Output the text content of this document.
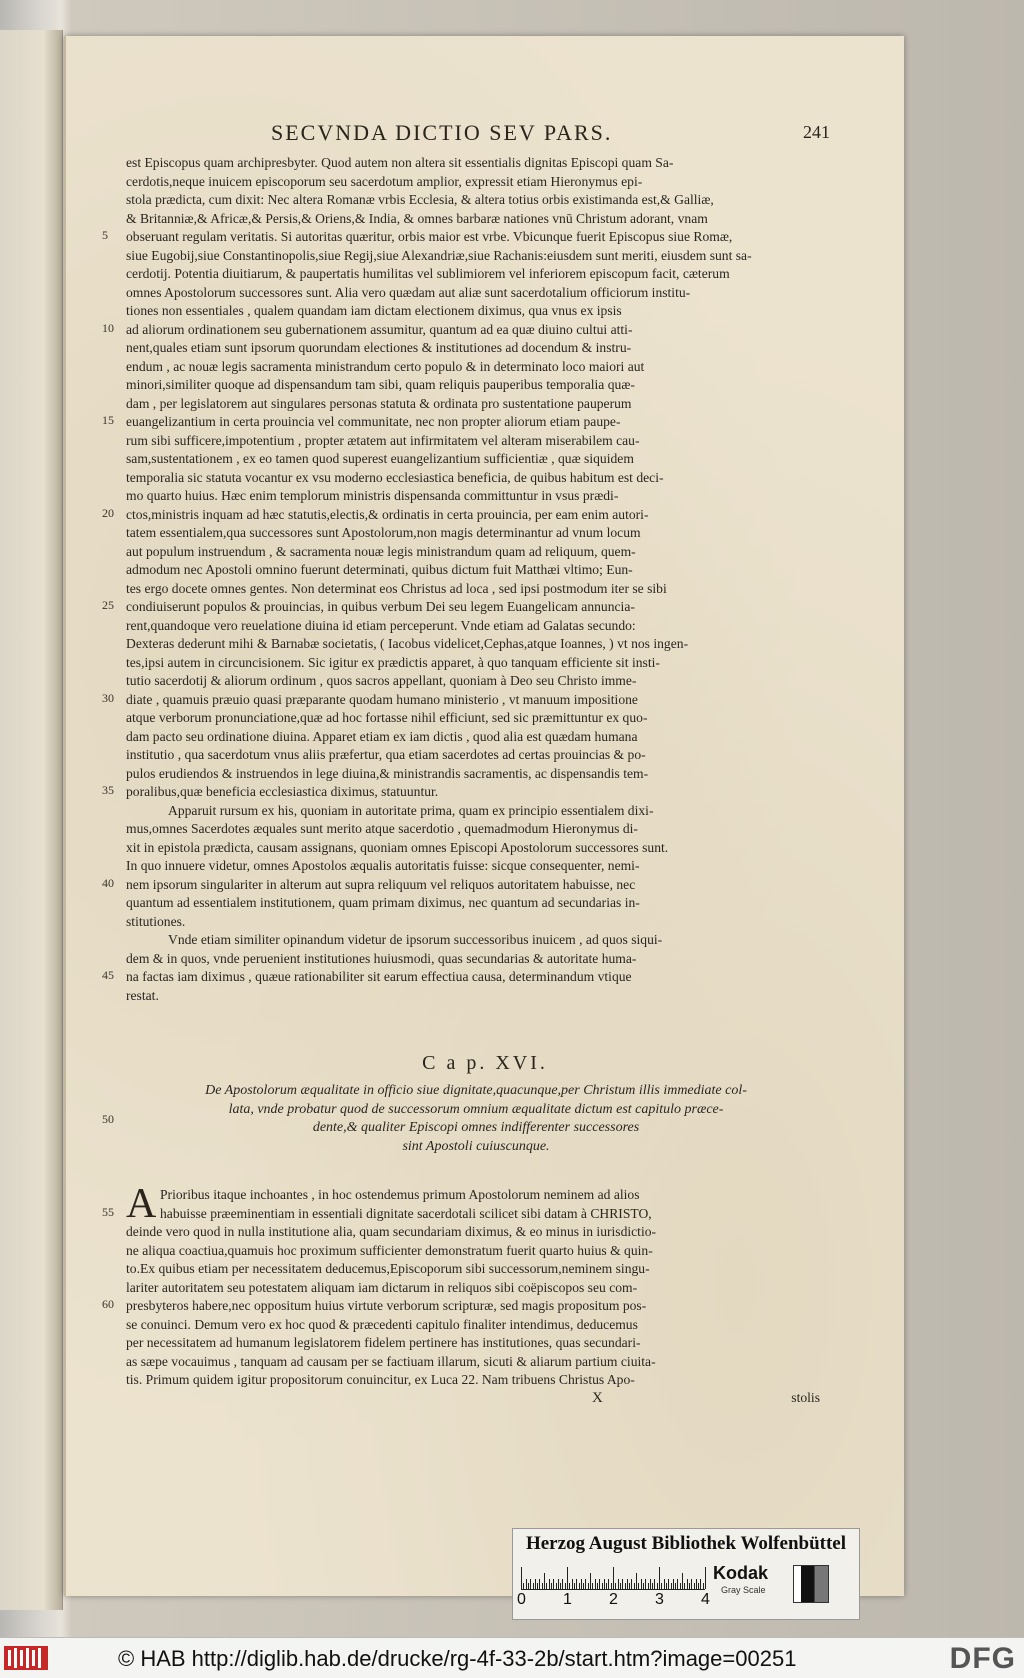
SECVNDA DICTIO SEV PARS.	241
est Episcopus quam archipresbyter. Quod autem non altera sit essentialis dignitas Episcopi quam Sa-
cerdotis,neque inuicem episcoporum seu sacerdotum amplior, expressit etiam Hieronymus epi-
stola prædicta, cum dixit: Nec altera Romanæ vrbis Ecclesia, & altera totius orbis existimanda est,& Galliæ,
& Britanniæ,& Africæ,& Persis,& Oriens,& India, & omnes barbaræ nationes vnū Christum adorant, vnam
obseruant regulam veritatis. Si autoritas quæritur, orbis maior est vrbe. Vbicunque fuerit Episcopus siue Romæ,
siue Eugobij,siue Constantinopolis,siue Regij,siue Alexandriæ,siue Rachanis:eiusdem sunt meriti, eiusdem sunt sa-
cerdotij. Potentia diuitiarum, & paupertatis humilitas vel sublimiorem vel inferiorem episcopum facit, cæterum
omnes Apostolorum successores sunt. Alia vero quædam aut aliæ sunt sacerdotalium officiorum institu-
tiones non essentiales , qualem quandam iam dictam electionem diximus, qua vnus ex ipsis
ad aliorum ordinationem seu gubernationem assumitur, quantum ad ea quæ diuino cultui atti-
nent,quales etiam sunt ipsorum quorundam electiones & institutiones ad docendum & instru-
endum , ac nouæ legis sacramenta ministrandum certo populo & in determinato loco maiori aut
minori,similiter quoque ad dispensandum tam sibi, quam reliquis pauperibus temporalia quæ-
dam , per legislatorem aut singulares personas statuta & ordinata pro sustentatione pauperum
euangelizantium in certa prouincia vel communitate, nec non propter aliorum etiam paupe-
rum sibi sufficere,impotentium , propter ætatem aut infirmitatem vel alteram miserabilem cau-
sam,sustentationem , ex eo tamen quod superest euangelizantium sufficientiæ , quæ siquidem
temporalia sic statuta vocantur ex vsu moderno ecclesiastica beneficia, de quibus habitum est deci-
mo quarto huius. Hæc enim templorum ministris dispensanda committuntur in vsus prædi-
ctos,ministris inquam ad hæc statutis,electis,& ordinatis in certa prouincia, per eam enim autori-
tatem essentialem,qua successores sunt Apostolorum,non magis determinantur ad vnum locum
aut populum instruendum , & sacramenta nouæ legis ministrandum quam ad reliquum, quem-
admodum nec Apostoli omnino fuerunt determinati, quibus dictum fuit Matthæi vltimo; Eun-
tes ergo docete omnes gentes. Non determinat eos Christus ad loca , sed ipsi postmodum iter se sibi
condiuiserunt populos & prouincias, in quibus verbum Dei seu legem Euangelicam annuncia-
rent,quandoque vero reuelatione diuina id etiam perceperunt. Vnde etiam ad Galatas secundo:
Dexteras dederunt mihi & Barnabæ societatis, ( Iacobus videlicet,Cephas,atque Ioannes, ) vt nos ingen-
tes,ipsi autem in circuncisionem. Sic igitur ex prædictis apparet, à quo tanquam efficiente sit insti-
tutio sacerdotij & aliorum ordinum , quos sacros appellant, quoniam à Deo seu Christo imme-
diate , quamuis præuio quasi præparante quodam humano ministerio , vt manuum impositione
atque verborum pronunciatione,quæ ad hoc fortasse nihil efficiunt, sed sic præmittuntur ex quo-
dam pacto seu ordinatione diuina. Apparet etiam ex iam dictis , quod alia est quædam humana
institutio , qua sacerdotum vnus aliis præfertur, qua etiam sacerdotes ad certas prouincias & po-
pulos erudiendos & instruendos in lege diuina,& ministrandis sacramentis, ac dispensandis tem-
poralibus,quæ beneficia ecclesiastica diximus, statuuntur.
Apparuit rursum ex his, quoniam in autoritate prima, quam ex principio essentialem dixi-
mus,omnes Sacerdotes æquales sunt merito atque sacerdotio , quemadmodum Hieronymus di-
xit in epistola prædicta, causam assignans, quoniam omnes Episcopi Apostolorum successores sunt.
In quo innuere videtur, omnes Apostolos æqualis autoritatis fuisse: sicque consequenter, nemi-
nem ipsorum singulariter in alterum aut supra reliquum vel reliquos autoritatem habuisse, nec
quantum ad essentialem institutionem, quam primam diximus, nec quantum ad secundarias in-
stitutiones.
Vnde etiam similiter opinandum videtur de ipsorum successoribus inuicem , ad quos siqui-
dem & in quos, vnde peruenient institutiones huiusmodi, quas secundarias & autoritate huma-
na factas iam diximus , quæue rationabiliter sit earum effectiua causa, determinandum vtique
restat.
C a p. XVI.
De Apostolorum æqualitate in officio siue dignitate,quacunque,per Christum illis immediate col-
lata, vnde probatur quod de successorum omnium æqualitate dictum est capitulo præce-
dente,& qualiter Episcopi omnes indifferenter successores
sint Apostoli cuiuscunque.
A Prioribus itaque inchoantes , in hoc ostendemus primum Apostolorum neminem ad alios
habuisse præeminentiam in essentiali dignitate sacerdotali scilicet sibi datam à CHRISTO,
deinde vero quod in nulla institutione alia, quam secundariam diximus, & eo minus in iurisdictio-
ne aliqua coactiua,quamuis hoc proximum sufficienter demonstratum fuerit quarto huius & quin-
to.Ex quibus etiam per necessitatem deducemus,Episcoporum sibi successorum,neminem singu-
lariter autoritatem seu potestatem aliquam iam dictarum in reliquos sibi coëpiscopos seu com-
presbyteros habere,nec oppositum huius virtute verborum scripturæ, sed magis propositum pos-
se conuinci. Demum vero ex hoc quod & præcedenti capitulo finaliter intendimus, deducemus
per necessitatem ad humanum legislatorem fidelem pertinere has institutiones, quas secundari-
as sæpe vocauimus , tanquam ad causam per se factiuam illarum, sicuti & aliarum partium ciuita-
tis. Primum quidem igitur propositorum conuincitur, ex Luca 22. Nam tribuens Christus Apo-
X	stolis
5
10
15
20
25
30
35
40
45
50
55
60
Herzog August Bibliothek Wolfenbüttel
0 1 2 3 4
Kodak
Gray Scale
© HAB http://diglib.hab.de/drucke/rg-4f-33-2b/start.htm?image=00251	DFG
